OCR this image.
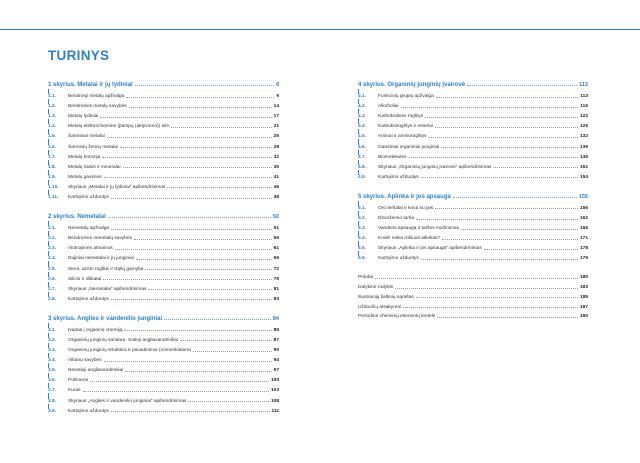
TURINYS
1 skyrius. Metalai ir jų lydiniai	8
1.1.	Bendrosji metalų apžvalga	9
1.2.	Bendrosios metalų savybės	14
1.3.	Metalų lydiniai	17
1.4.	Metalų elektrocheminė (įtampų (aktyvumo)) eilė	21
1.5.	Šarminiai metalai	25
1.6.	Šarminių žemių metalai	28
1.7.	Metalų korozija	32
1.8.	Metalų rūdos ir mineralai	36
1.9.	Metalų gavimas	41
1.10.	Skyriaus „Metalai ir jų lydiniai“ apibendrinimas	46
1.11.	Kartojimo užduotys	48
2 skyrius. Nemetalai	50
2.1.	Nemetalų apžvalga	51
2.2.	Bendrosios nemetalų savybės	56
2.3.	Alotropinės atmainos	61
2.4.	Dujiniai nemetalai ir jų junginiai	66
2.5.	Siera, azoto rūgštis ir trąšų gamyba	72
2.6.	Silicis ir silikatai	76
2.7.	Skyriaus „Nemetalai“ apibendrinimas	81
2.8.	Kartojimo užduotys	83
3 skyrius. Anglies ir vandenilio junginiai	84
3.1.	Įvadas į organinę chemiją	85
3.2.	Organinių junginių sandara. Sotieji angliavandeniliai	87
3.3.	Organinių junginių struktūra ir pavadinimai (nomenklatūra)	90
3.4.	Alkanų savybės	94
3.5.	Nesotieji angliavandeniliai	97
3.6.	Polimerai	100
3.7.	Kuras	103
3.8.	Skyriaus „Anglies ir vandenilio junginiai“ apibendrinimas	108
3.9.	Kartojimo užduotys	111
4 skyrius. Organinių junginių įvairovė	112
4.1.	Funkcinių grupių apžvalga	113
4.2.	Alkoholiai	116
4.3.	Karboksilinės rūgštys	122
4.4.	Karboksirūgštys ir esteriai	125
4.5.	Aminai ir aminorūgštys	132
4.6.	Gamtiniai organiniai junginiai	139
4.7.	Biomolekulės	145
4.8.	Skyriaus „Organinių junginių įvairovė“ apibendrinimas	151
4.9.	Kartojimo užduotys	154
5 skyrius. Aplinka ir jos apsauga	155
5.1.	Oro teršalai ir kova su jais	156
5.2.	Dirvožemio tarša	162
5.3.	Vandens apsauga ir taršos mažinimas	165
5.4.	Kodėl reikia rūšiuoti atliekas?	171
5.5.	Skyriaus „Aplinka ir jos apsauga“ apibendrinimas	178
5.6.	Kartojimo užduotys	179
Priedai	180
Dalykinė rodyklė	183
Iliustracijų šaltinių sąrašas	185
Užduočių atsakymai	187
Periodinė cheminių elementų lentelė	190
